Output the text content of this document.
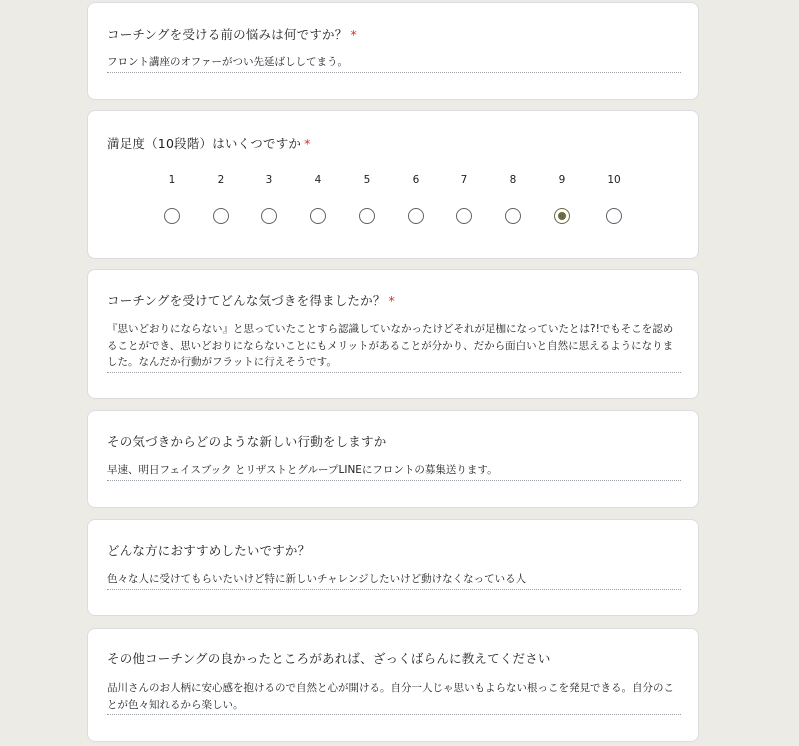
コーチングを受ける前の悩みは何ですか？ *
フロント講座のオファーがつい先延ばししてまう。
満足度（10段階）はいくつですか *
1	2	3	4	5	6	7	8	9	10
コーチングを受けてどんな気づきを得ましたか？ *
『思いどおりにならない』と思っていたことすら認識していなかったけどそれが足枷になっていたとは?!でもそこを認めることができ、思いどおりにならないことにもメリットがあることが分かり、だから面白いと自然に思えるようになりました。なんだか行動がフラットに行えそうです。
その気づきからどのような新しい行動をしますか
早速、明日フェイスブック とリザストとグループLINEにフロントの募集送ります。
どんな方におすすめしたいですか？
色々な人に受けてもらいたいけど特に新しいチャレンジしたいけど動けなくなっている人
その他コーチングの良かったところがあれば、ざっくばらんに教えてください
品川さんのお人柄に安心感を抱けるので自然と心が開ける。自分一人じゃ思いもよらない根っこを発見できる。自分のことが色々知れるから楽しい。
